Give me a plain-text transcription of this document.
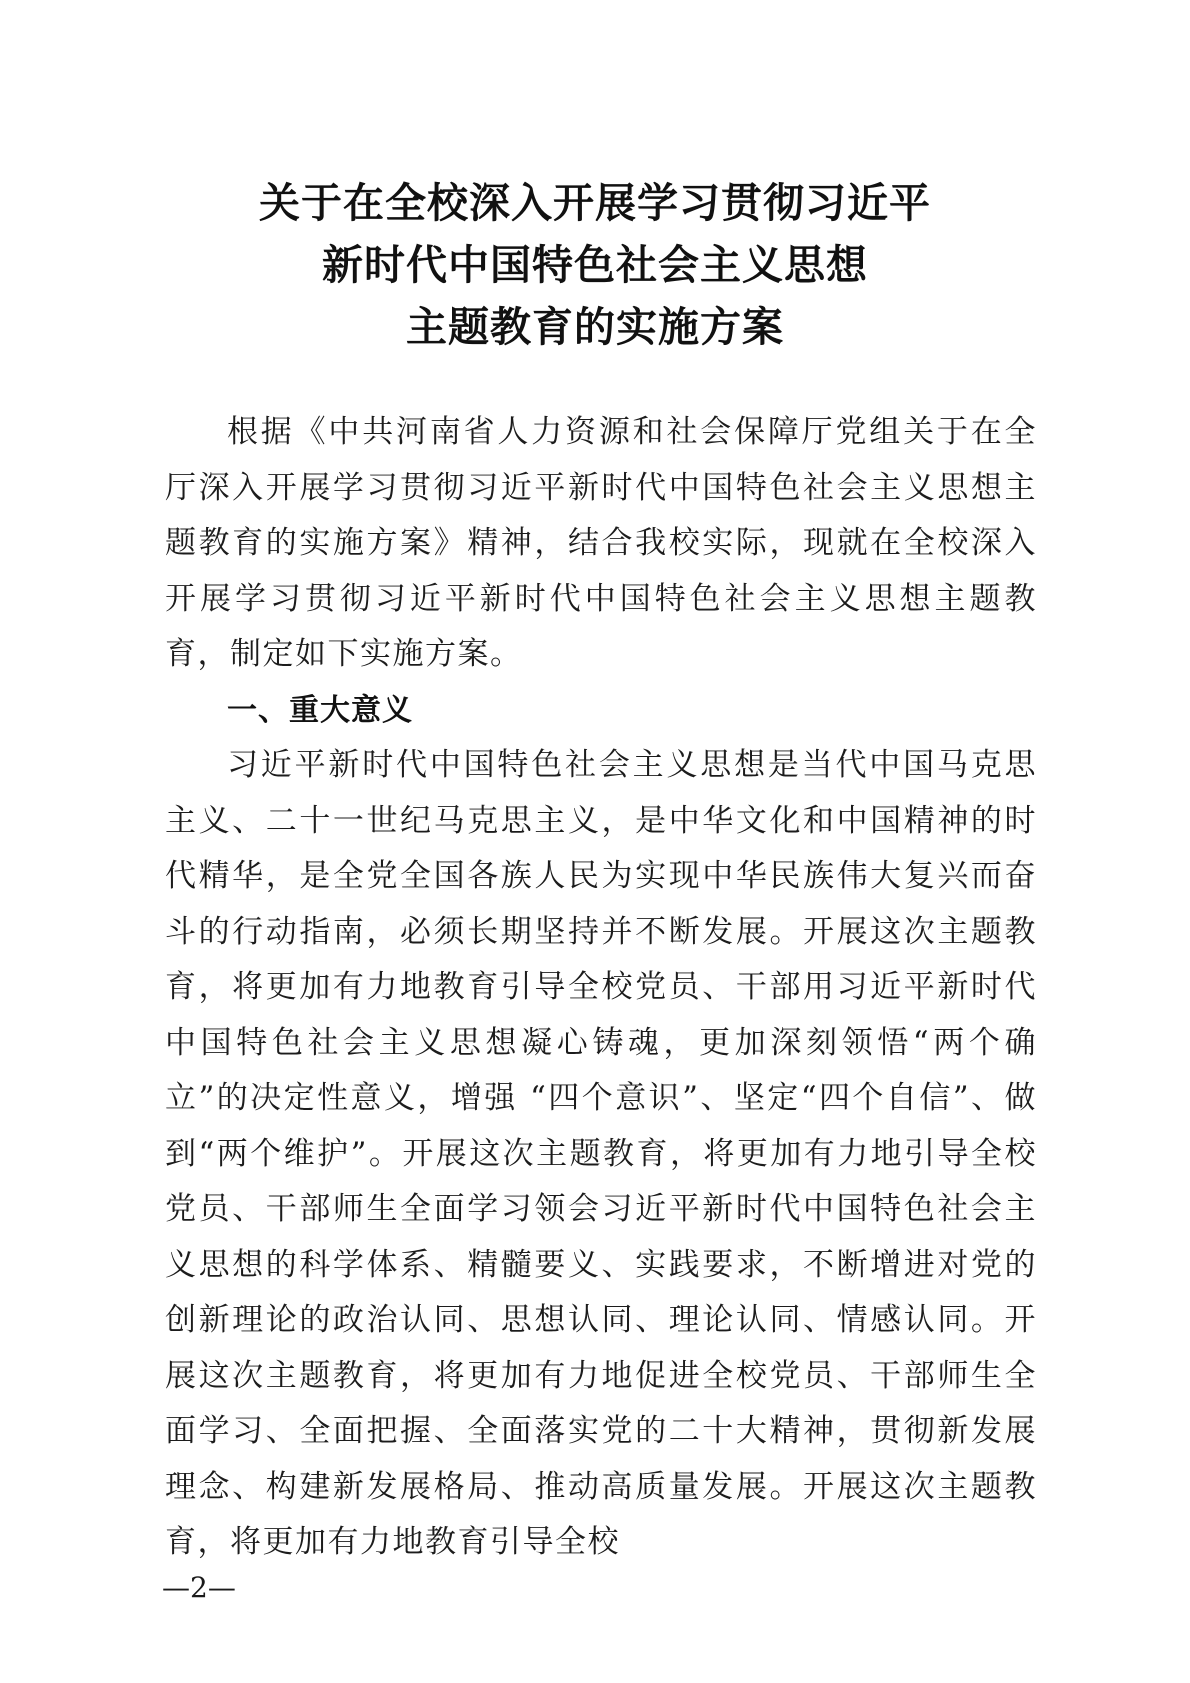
关于在全校深入开展学习贯彻习近平
新时代中国特色社会主义思想
主题教育的实施方案

根据《中共河南省人力资源和社会保障厅党组关于在全厅深入开展学习贯彻习近平新时代中国特色社会主义思想主题教育的实施方案》精神，结合我校实际，现就在全校深入开展学习贯彻习近平新时代中国特色社会主义思想主题教育，制定如下实施方案。

一、重大意义

习近平新时代中国特色社会主义思想是当代中国马克思主义、二十一世纪马克思主义，是中华文化和中国精神的时代精华，是全党全国各族人民为实现中华民族伟大复兴而奋斗的行动指南，必须长期坚持并不断发展。开展这次主题教育，将更加有力地教育引导全校党员、干部用习近平新时代中国特色社会主义思想凝心铸魂，更加深刻领悟“两个确立”的决定性意义，增强 “四个意识”、坚定“四个自信”、做到“两个维护”。开展这次主题教育，将更加有力地引导全校党员、干部师生全面学习领会习近平新时代中国特色社会主义思想的科学体系、精髓要义、实践要求，不断增进对党的创新理论的政治认同、思想认同、理论认同、情感认同。开展这次主题教育，将更加有力地促进全校党员、干部师生全面学习、全面把握、全面落实党的二十大精神，贯彻新发展理念、构建新发展格局、推动高质量发展。开展这次主题教育，将更加有力地教育引导全校

—2—
